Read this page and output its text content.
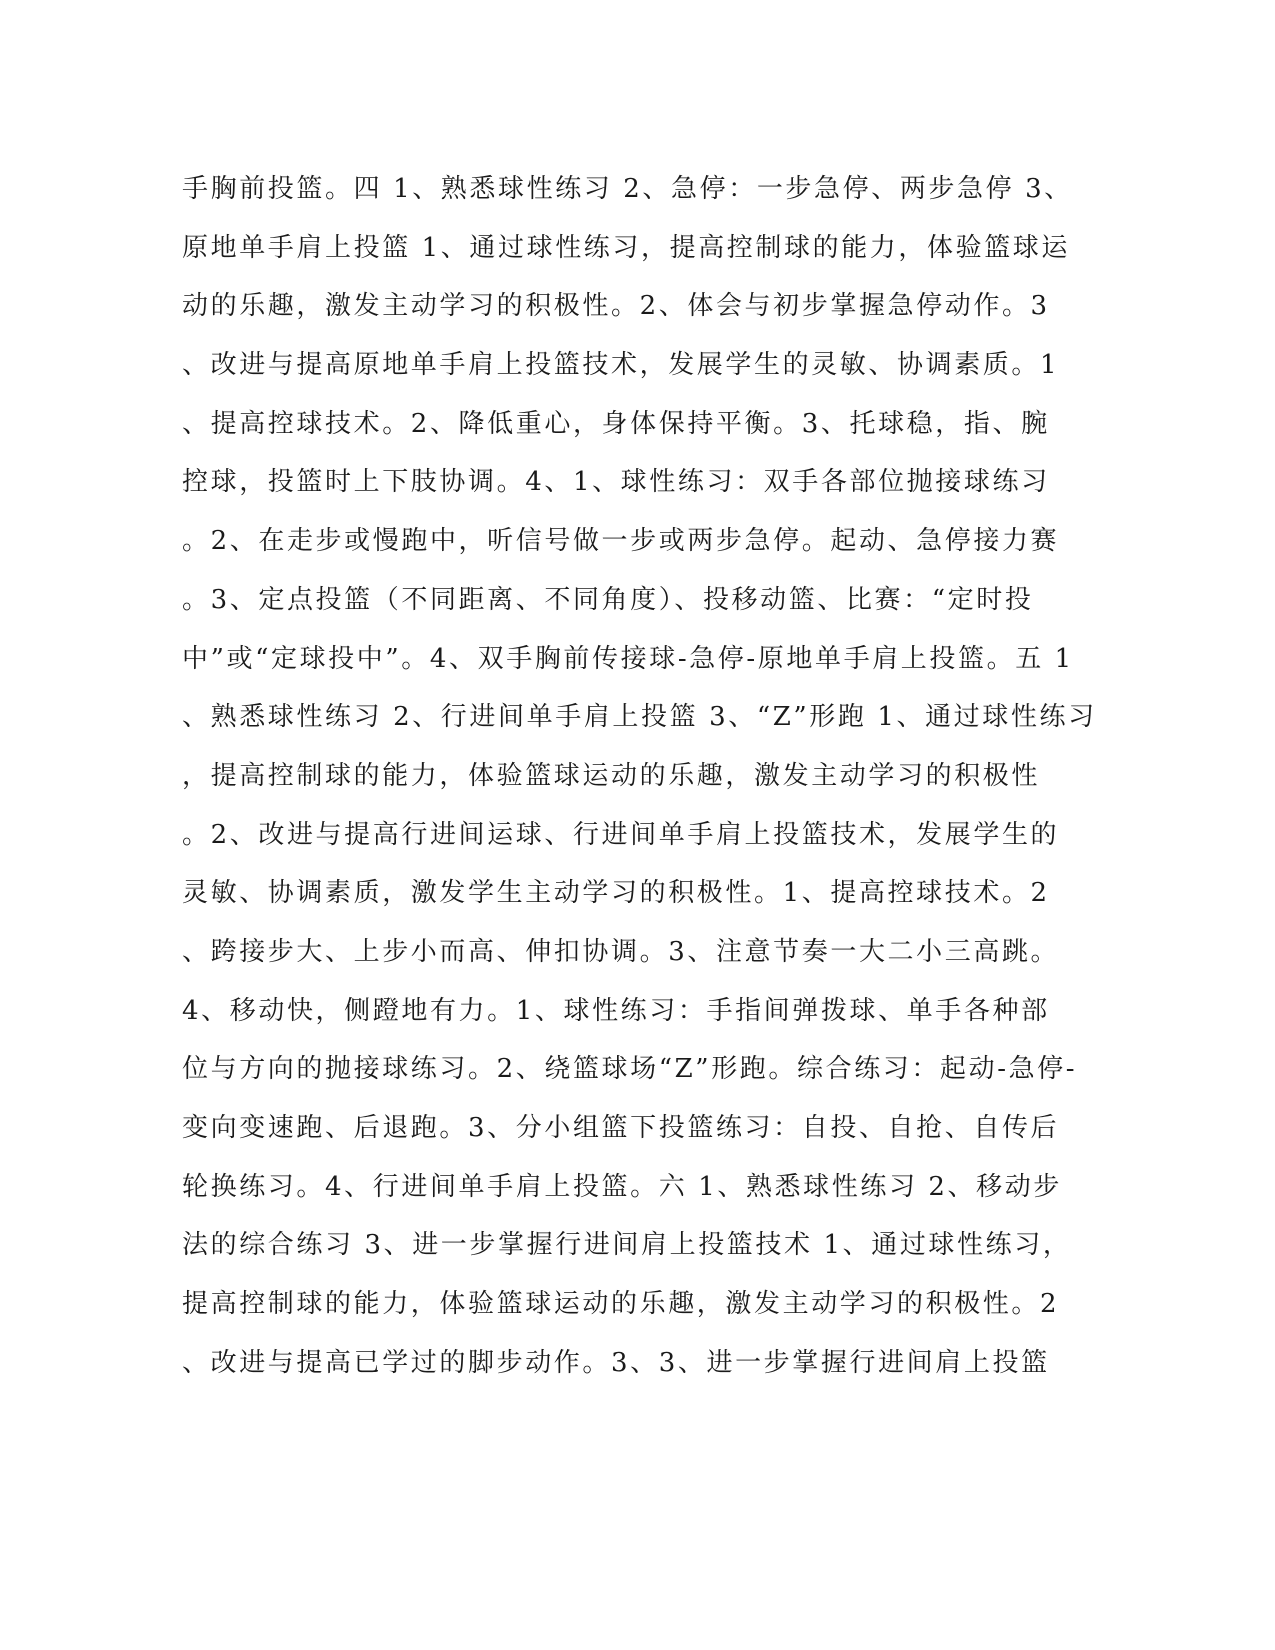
手胸前投篮。四 1、熟悉球性练习 2、急停：一步急停、两步急停 3、
原地单手肩上投篮 1、通过球性练习，提高控制球的能力，体验篮球运
动的乐趣，激发主动学习的积极性。2、体会与初步掌握急停动作。3
、改进与提高原地单手肩上投篮技术，发展学生的灵敏、协调素质。1
、提高控球技术。2、降低重心，身体保持平衡。3、托球稳，指、腕
控球，投篮时上下肢协调。4、1、球性练习：双手各部位抛接球练习
。2、在走步或慢跑中，听信号做一步或两步急停。起动、急停接力赛
。3、定点投篮（不同距离、不同角度）、投移动篮、比赛：“定时投
中”或“定球投中”。4、双手胸前传接球-急停-原地单手肩上投篮。五 1
、熟悉球性练习 2、行进间单手肩上投篮 3、“Z”形跑 1、通过球性练习
，提高控制球的能力，体验篮球运动的乐趣，激发主动学习的积极性
。2、改进与提高行进间运球、行进间单手肩上投篮技术，发展学生的
灵敏、协调素质，激发学生主动学习的积极性。1、提高控球技术。2
、跨接步大、上步小而高、伸扣协调。3、注意节奏一大二小三高跳。
4、移动快，侧蹬地有力。1、球性练习：手指间弹拨球、单手各种部
位与方向的抛接球练习。2、绕篮球场“Z”形跑。综合练习：起动-急停-
变向变速跑、后退跑。3、分小组篮下投篮练习：自投、自抢、自传后
轮换练习。4、行进间单手肩上投篮。六 1、熟悉球性练习 2、移动步
法的综合练习 3、进一步掌握行进间肩上投篮技术 1、通过球性练习，
提高控制球的能力，体验篮球运动的乐趣，激发主动学习的积极性。2
、改进与提高已学过的脚步动作。3、3、进一步掌握行进间肩上投篮
